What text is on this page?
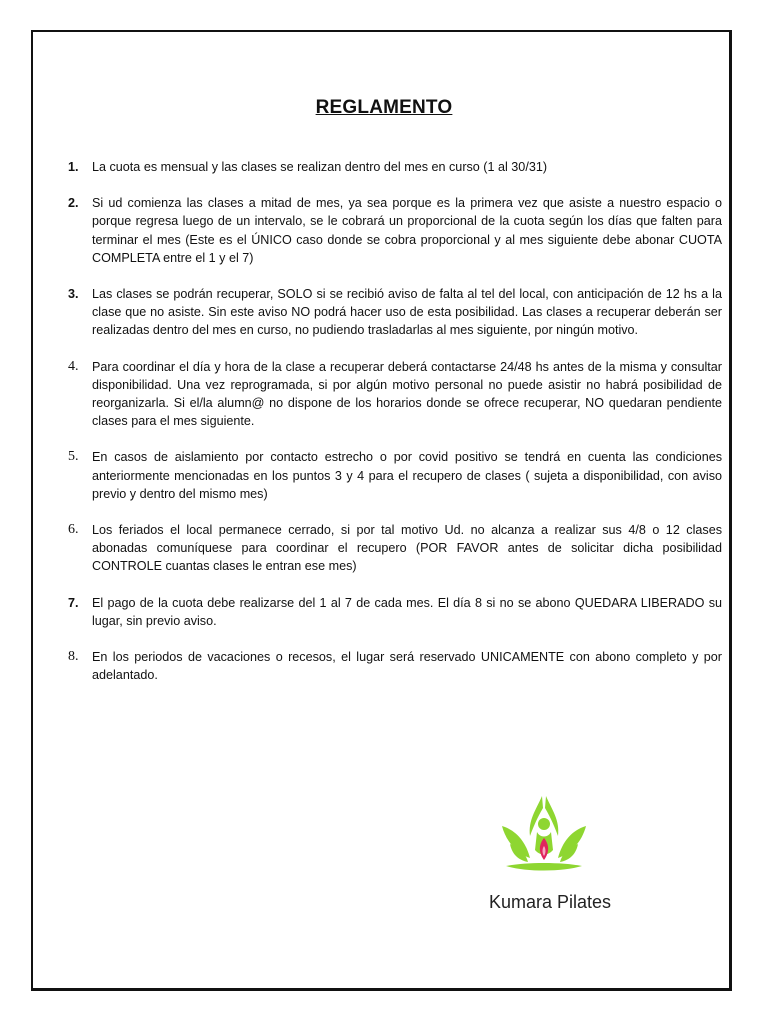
REGLAMENTO
1. La cuota es mensual y las clases se realizan dentro del mes en curso (1 al 30/31)
2. Si ud comienza las clases a mitad de mes, ya sea porque es la primera vez que asiste a nuestro espacio o porque regresa luego de un intervalo, se le cobrará un proporcional de la cuota según los días que falten para terminar el mes (Este es el ÚNICO caso donde se cobra proporcional y al mes siguiente debe abonar CUOTA COMPLETA entre el 1 y el 7)
3. Las clases se podrán recuperar, SOLO si se recibió aviso de falta al tel del local, con anticipación de 12 hs a la clase que no asiste. Sin este aviso NO podrá hacer uso de esta posibilidad. Las clases a recuperar deberán ser realizadas dentro del mes en curso, no pudiendo trasladarlas al mes siguiente, por ningún motivo.
4. Para coordinar el día y hora de la clase a recuperar deberá contactarse 24/48 hs antes de la misma y consultar disponibilidad. Una vez reprogramada, si por algún motivo personal no puede asistir no habrá posibilidad de reorganizarla. Si el/la alumn@ no dispone de los horarios donde se ofrece recuperar, NO quedaran pendiente clases para el mes siguiente.
5. En casos de aislamiento por contacto estrecho o por covid positivo se tendrá en cuenta las condiciones anteriormente mencionadas en los puntos 3 y 4 para el recupero de clases ( sujeta a disponibilidad, con aviso previo y dentro del mismo mes)
6. Los feriados el local permanece cerrado, si por tal motivo Ud. no alcanza a realizar sus 4/8 o 12 clases abonadas comuníquese para coordinar el recupero (POR FAVOR antes de solicitar dicha posibilidad CONTROLE cuantas clases le entran ese mes)
7. El pago de la cuota debe realizarse del 1 al 7 de cada mes. El día 8 si no se abono QUEDARA LIBERADO su lugar, sin previo aviso.
8. En los periodos de vacaciones o recesos, el lugar será reservado UNICAMENTE con abono completo y por adelantado.
Kumara Pilates
